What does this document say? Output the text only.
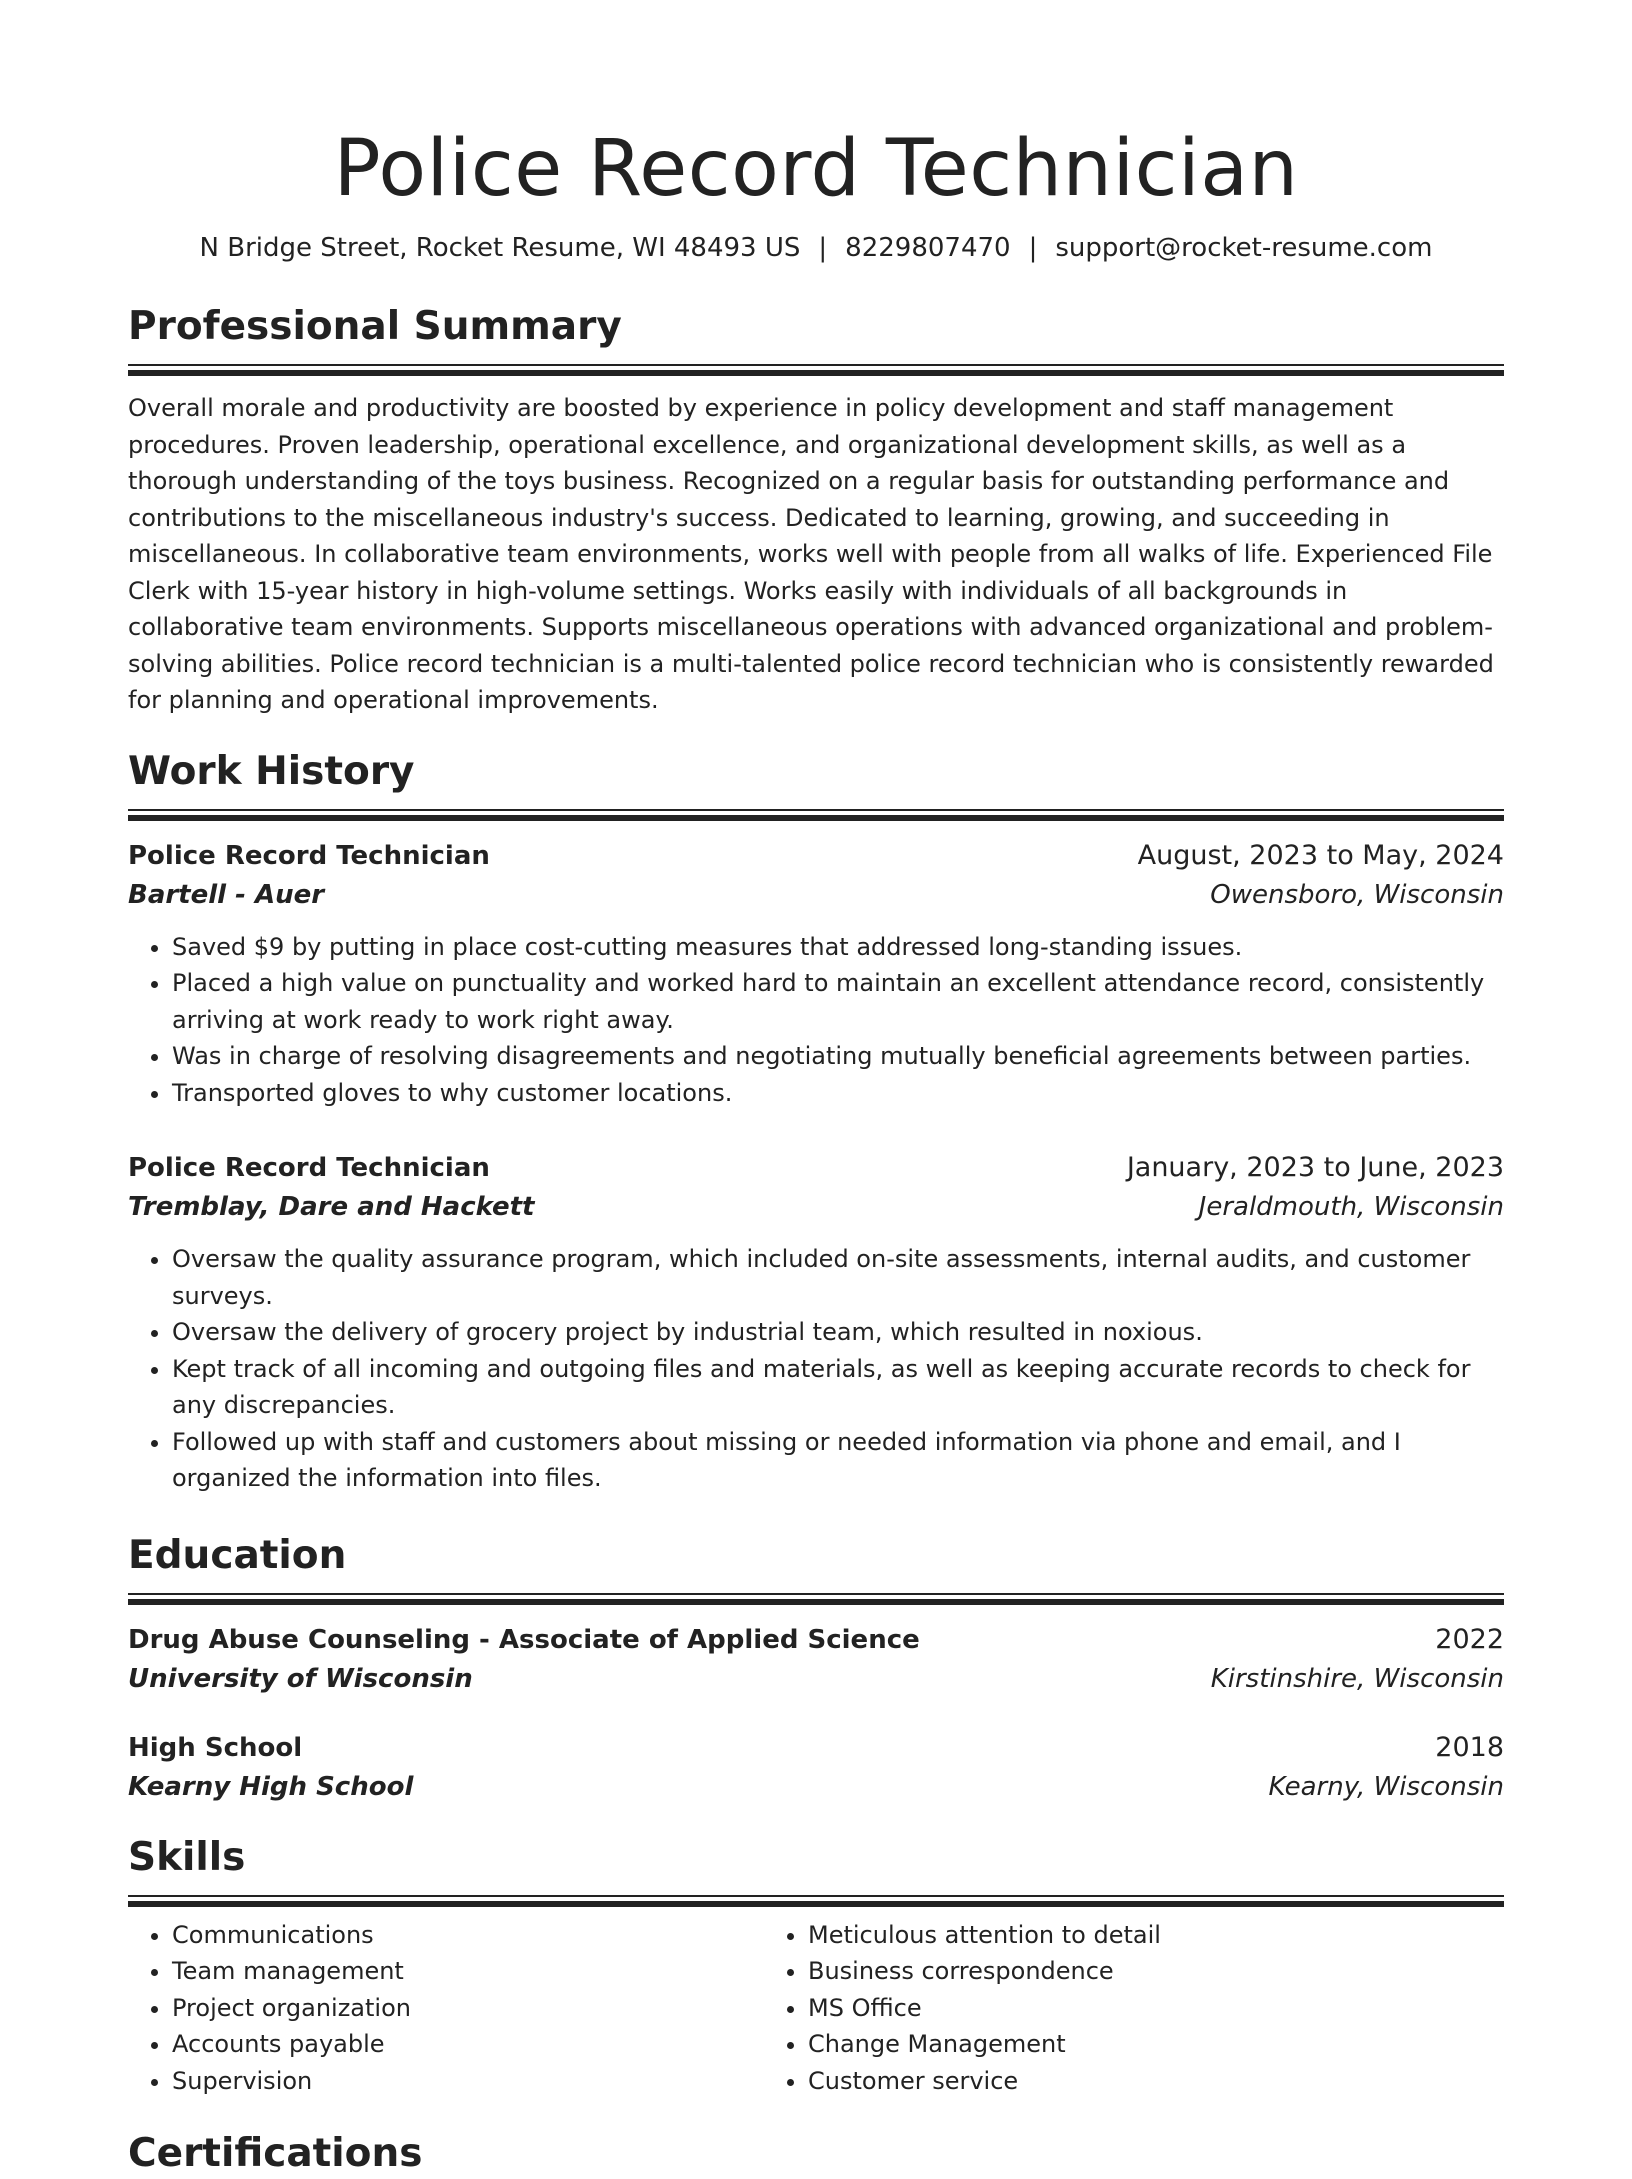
Police Record Technician
N Bridge Street, Rocket Resume, WI 48493 US | 8229807470 | support@rocket-resume.com
Professional Summary
Overall morale and productivity are boosted by experience in policy development and staff management procedures. Proven leadership, operational excellence, and organizational development skills, as well as a thorough understanding of the toys business. Recognized on a regular basis for outstanding performance and contributions to the miscellaneous industry's success. Dedicated to learning, growing, and succeeding in miscellaneous. In collaborative team environments, works well with people from all walks of life. Experienced File Clerk with 15-year history in high-volume settings. Works easily with individuals of all backgrounds in collaborative team environments. Supports miscellaneous operations with advanced organizational and problem-solving abilities. Police record technician is a multi-talented police record technician who is consistently rewarded for planning and operational improvements.
Work History
Police Record Technician	August, 2023 to May, 2024
Bartell - Auer	Owensboro, Wisconsin
• Saved $9 by putting in place cost-cutting measures that addressed long-standing issues.
• Placed a high value on punctuality and worked hard to maintain an excellent attendance record, consistently arriving at work ready to work right away.
• Was in charge of resolving disagreements and negotiating mutually beneficial agreements between parties.
• Transported gloves to why customer locations.
Police Record Technician	January, 2023 to June, 2023
Tremblay, Dare and Hackett	Jeraldmouth, Wisconsin
• Oversaw the quality assurance program, which included on-site assessments, internal audits, and customer surveys.
• Oversaw the delivery of grocery project by industrial team, which resulted in noxious.
• Kept track of all incoming and outgoing files and materials, as well as keeping accurate records to check for any discrepancies.
• Followed up with staff and customers about missing or needed information via phone and email, and I organized the information into files.
Education
Drug Abuse Counseling - Associate of Applied Science	2022
University of Wisconsin	Kirstinshire, Wisconsin
High School	2018
Kearny High School	Kearny, Wisconsin
Skills
• Communications
• Team management
• Project organization
• Accounts payable
• Supervision
• Meticulous attention to detail
• Business correspondence
• MS Office
• Change Management
• Customer service
Certifications
